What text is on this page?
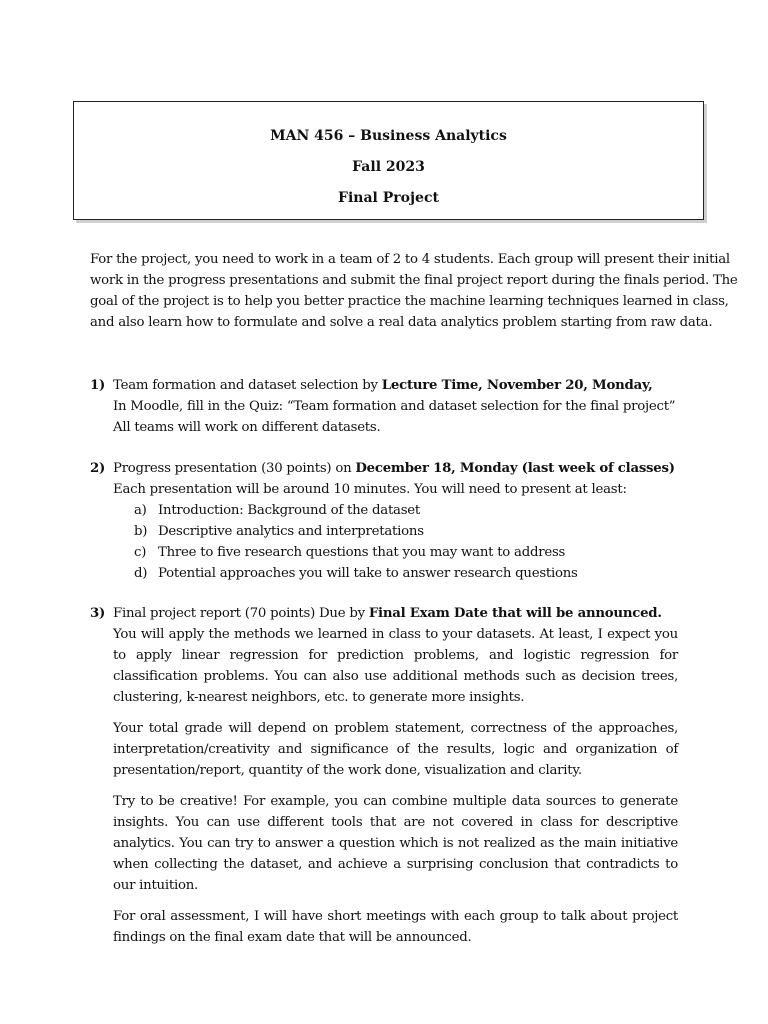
MAN 456 – Business Analytics
Fall 2023
Final Project
For the project, you need to work in a team of 2 to 4 students. Each group will present their initial
work in the progress presentations and submit the final project report during the finals period. The
goal of the project is to help you better practice the machine learning techniques learned in class,
and also learn how to formulate and solve a real data analytics problem starting from raw data.
1) Team formation and dataset selection by Lecture Time, November 20, Monday,
In Moodle, fill in the Quiz: “Team formation and dataset selection for the final project”
All teams will work on different datasets.
2) Progress presentation (30 points) on December 18, Monday (last week of classes)
Each presentation will be around 10 minutes. You will need to present at least:
a) Introduction: Background of the dataset
b) Descriptive analytics and interpretations
c) Three to five research questions that you may want to address
d) Potential approaches you will take to answer research questions
3) Final project report (70 points) Due by Final Exam Date that will be announced.
You will apply the methods we learned in class to your datasets. At least, I expect you to apply linear regression for prediction problems, and logistic regression for classification problems. You can also use additional methods such as decision trees, clustering, k-nearest neighbors, etc. to generate more insights.
Your total grade will depend on problem statement, correctness of the approaches, interpretation/creativity and significance of the results, logic and organization of presentation/report, quantity of the work done, visualization and clarity.
Try to be creative! For example, you can combine multiple data sources to generate insights. You can use different tools that are not covered in class for descriptive analytics. You can try to answer a question which is not realized as the main initiative when collecting the dataset, and achieve a surprising conclusion that contradicts to our intuition.
For oral assessment, I will have short meetings with each group to talk about project findings on the final exam date that will be announced.
